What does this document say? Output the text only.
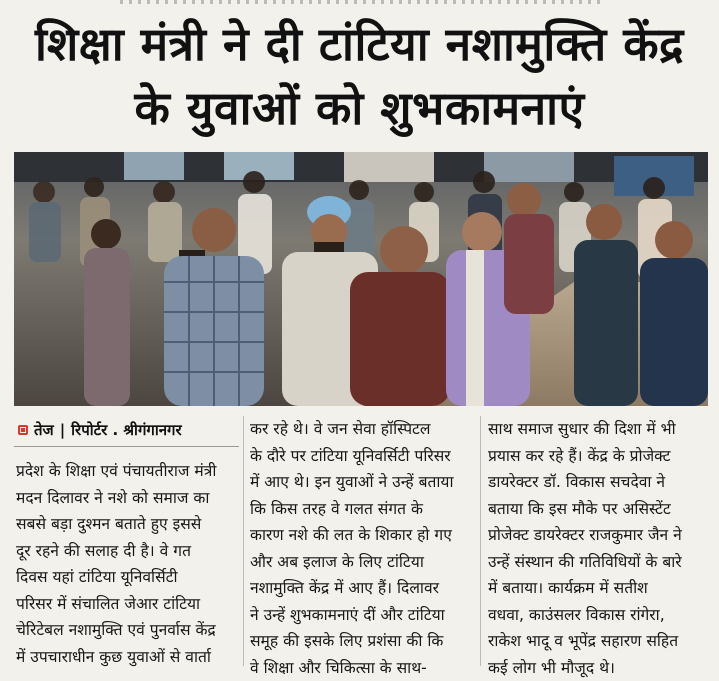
शिक्षा मंत्री ने दी टांटिया नशामुक्ति केंद्र
के युवाओं को शुभकामनाएं
तेज | रिपोर्टर . श्रीगंगानगर
प्रदेश के शिक्षा एवं पंचायतीराज मंत्री
मदन दिलावर ने नशे को समाज का
सबसे बड़ा दुश्मन बताते हुए इससे
दूर रहने की सलाह दी है। वे गत
दिवस यहां टांटिया यूनिवर्सिटी
परिसर में संचालित जेआर टांटिया
चेरिटेबल नशामुक्ति एवं पुनर्वास केंद्र
में उपचाराधीन कुछ युवाओं से वार्ता
कर रहे थे। वे जन सेवा हॉस्पिटल
के दौरे पर टांटिया यूनिवर्सिटी परिसर
में आए थे। इन युवाओं ने उन्हें बताया
कि किस तरह वे गलत संगत के
कारण नशे की लत के शिकार हो गए
और अब इलाज के लिए टांटिया
नशामुक्ति केंद्र में आए हैं। दिलावर
ने उन्हें शुभकामनाएं दीं और टांटिया
समूह की इसके लिए प्रशंसा की कि
वे शिक्षा और चिकित्सा के साथ-
साथ समाज सुधार की दिशा में भी
प्रयास कर रहे हैं। केंद्र के प्रोजेक्ट
डायरेक्टर डॉ. विकास सचदेवा ने
बताया कि इस मौके पर असिस्टेंट
प्रोजेक्ट डायरेक्टर राजकुमार जैन ने
उन्हें संस्थान की गतिविधियों के बारे
में बताया। कार्यक्रम में सतीश
वधवा, काउंसलर विकास रांगेरा,
राकेश भादू व भूपेंद्र सहारण सहित
कई लोग भी मौजूद थे।
